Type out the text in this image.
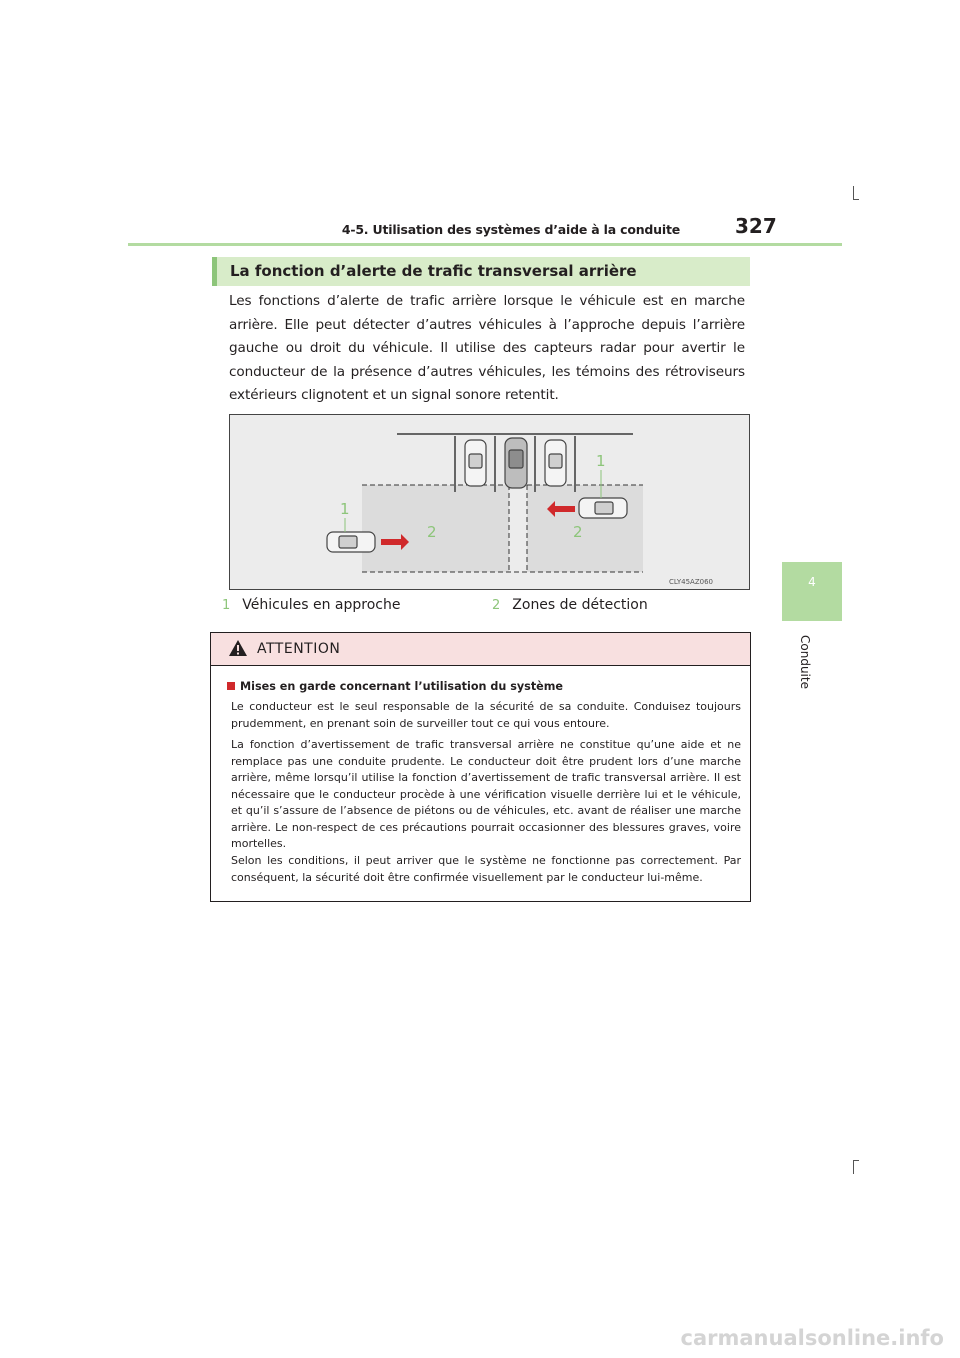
4-5. Utilisation des systèmes d’aide à la conduite	327
4
Conduite
La fonction d’alerte de trafic transversal arrière
Les fonctions d’alerte de trafic arrière lorsque le véhicule est en marche arrière. Elle peut détecter d’autres véhicules à l’approche depuis l’arrière gauche ou droit du véhicule. Il utilise des capteurs radar pour avertir le conducteur de la présence d’autres véhicules, les témoins des rétroviseurs extérieurs clignotent et un signal sonore retentit.
1
2
1
2
CLY45AZ060
1 Véhicules en approche	2 Zones de détection
ATTENTION
Mises en garde concernant l’utilisation du système
Le conducteur est le seul responsable de la sécurité de sa conduite. Conduisez toujours prudemment, en prenant soin de surveiller tout ce qui vous entoure.
La fonction d’avertissement de trafic transversal arrière ne constitue qu’une aide et ne remplace pas une conduite prudente. Le conducteur doit être prudent lors d’une marche arrière, même lorsqu’il utilise la fonction d’avertissement de trafic transversal arrière. Il est nécessaire que le conducteur procède à une vérification visuelle derrière lui et le véhicule, et qu’il s’assure de l’absence de piétons ou de véhicules, etc. avant de réaliser une marche arrière. Le non-respect de ces précautions pourrait occasionner des blessures graves, voire mortelles.
Selon les conditions, il peut arriver que le système ne fonctionne pas correctement. Par conséquent, la sécurité doit être confirmée visuellement par le conducteur lui-même.
carmanualsonline.info
